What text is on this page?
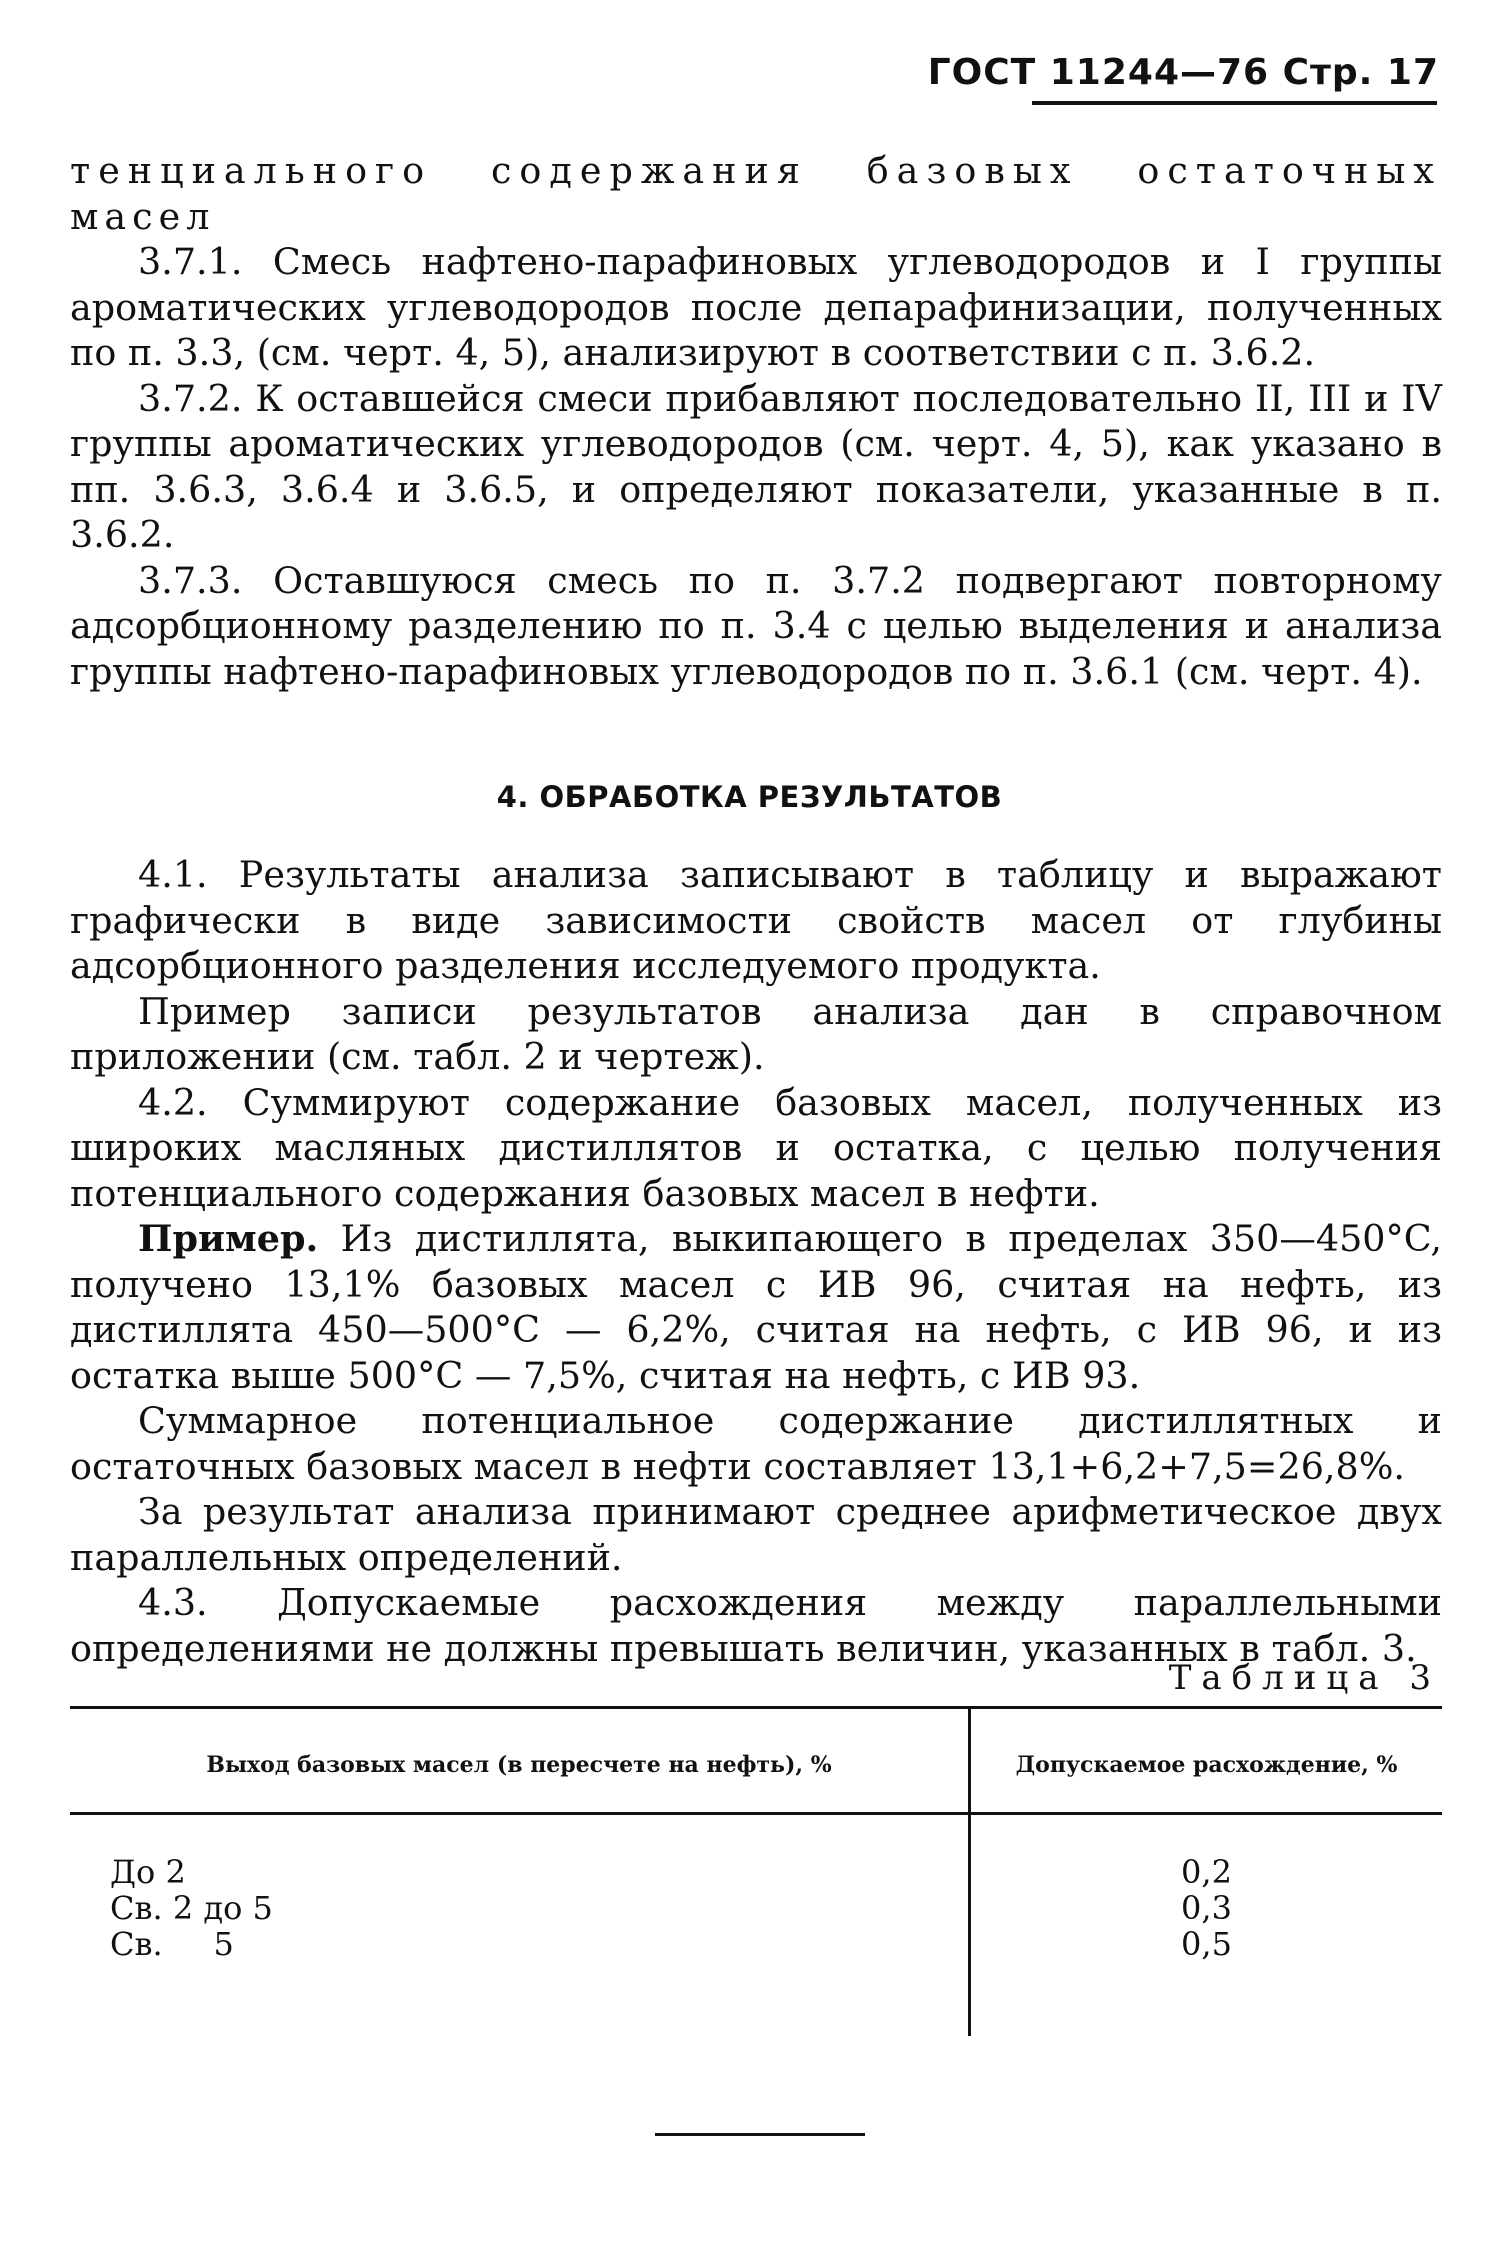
ГОСТ 11244—76 Стр. 17

тенциального содержания базовых остаточных

масел

3.7.1. Смесь нафтено-парафиновых углеводородов и I группы ароматических углеводородов после депарафинизации, полученных по п. 3.3, (см. черт. 4, 5), анализируют в соответствии с п. 3.6.2.

3.7.2. К оставшейся смеси прибавляют последовательно II, III и IV группы ароматических углеводородов (см. черт. 4, 5), как указано в пп. 3.6.3, 3.6.4 и 3.6.5, и определяют показатели, указанные в п. 3.6.2.

3.7.3. Оставшуюся смесь по п. 3.7.2 подвергают повторному адсорбционному разделению по п. 3.4 с целью выделения и анализа группы нафтено-парафиновых углеводородов по п. 3.6.1 (см. черт. 4).

4. ОБРАБОТКА РЕЗУЛЬТАТОВ

4.1. Результаты анализа записывают в таблицу и выражают графически в виде зависимости свойств масел от глубины адсорбционного разделения исследуемого продукта.

Пример записи результатов анализа дан в справочном приложении (см. табл. 2 и чертеж).

4.2. Суммируют содержание базовых масел, полученных из широких масляных дистиллятов и остатка, с целью получения потенциального содержания базовых масел в нефти.

Пример. Из дистиллята, выкипающего в пределах 350—450°C, получено 13,1% базовых масел с ИВ 96, считая на нефть, из дистиллята 450—500°C — 6,2%, считая на нефть, с ИВ 96, и из остатка выше 500°C — 7,5%, считая на нефть, с ИВ 93.

Суммарное потенциальное содержание дистиллятных и остаточных базовых масел в нефти составляет 13,1+6,2+7,5=26,8%.

За результат анализа принимают среднее арифметическое двух параллельных определений.

4.3. Допускаемые расхождения между параллельными определениями не должны превышать величин, указанных в табл. 3.

Таблица 3
Выход базовых масел (в пересчете на нефть), %	Допускаемое расхождение, %
До 2
Св. 2 до 5
Св.     5
0,2
0,3
0,5
